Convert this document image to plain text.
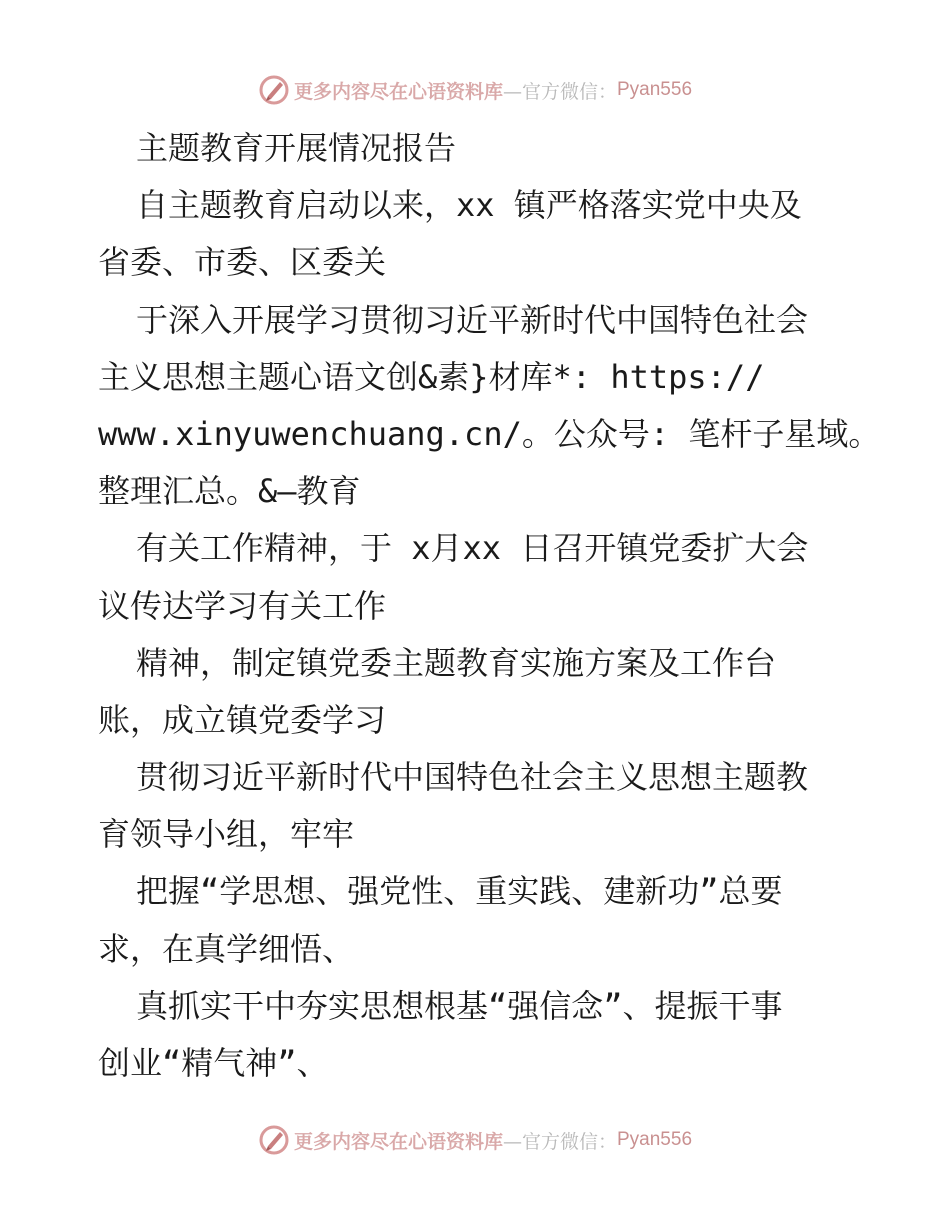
更多内容尽在心语资料库 —官方微信： Pyan556
主题教育开展情况报告
自主题教育启动以来，xx 镇严格落实党中央及
省委、市委、区委关
于深入开展学习贯彻习近平新时代中国特色社会
主义思想主题心语文创&素}材库*: https://
www.xinyuwenchuang.cn/。公众号: 笔杆子星域。
整理汇总。&—教育
有关工作精神，于 x月xx 日召开镇党委扩大会
议传达学习有关工作
精神，制定镇党委主题教育实施方案及工作台
账，成立镇党委学习
贯彻习近平新时代中国特色社会主义思想主题教
育领导小组，牢牢
把握“学思想、强党性、重实践、建新功”总要
求，在真学细悟、
真抓实干中夯实思想根基“强信念”、提振干事
创业“精气神”、
更多内容尽在心语资料库 —官方微信： Pyan556
